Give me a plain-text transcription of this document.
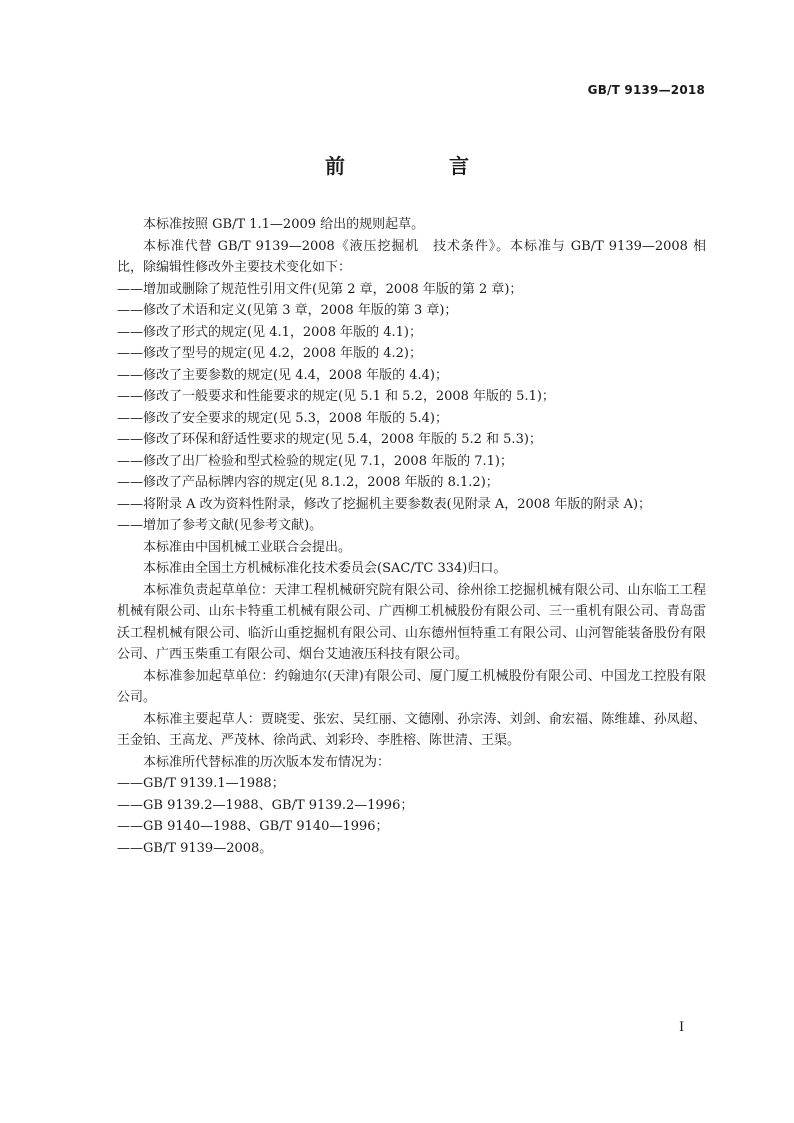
GB/T 9139—2018
前　言

本标准按照 GB/T 1.1—2009 给出的规则起草。

本标准代替 GB/T 9139—2008《液压挖掘机　技术条件》。本标准与 GB/T 9139—2008 相比，除编辑性修改外主要技术变化如下：

——增加或删除了规范性引用文件(见第 2 章，2008 年版的第 2 章)；

——修改了术语和定义(见第 3 章，2008 年版的第 3 章)；

——修改了形式的规定(见 4.1，2008 年版的 4.1)；

——修改了型号的规定(见 4.2，2008 年版的 4.2)；

——修改了主要参数的规定(见 4.4，2008 年版的 4.4)；

——修改了一般要求和性能要求的规定(见 5.1 和 5.2，2008 年版的 5.1)；

——修改了安全要求的规定(见 5.3，2008 年版的 5.4)；

——修改了环保和舒适性要求的规定(见 5.4，2008 年版的 5.2 和 5.3)；

——修改了出厂检验和型式检验的规定(见 7.1，2008 年版的 7.1)；

——修改了产品标牌内容的规定(见 8.1.2，2008 年版的 8.1.2)；

——将附录 A 改为资料性附录，修改了挖掘机主要参数表(见附录 A，2008 年版的附录 A)；

——增加了参考文献(见参考文献)。

本标准由中国机械工业联合会提出。

本标准由全国土方机械标准化技术委员会(SAC/TC 334)归口。

本标准负责起草单位：天津工程机械研究院有限公司、徐州徐工挖掘机械有限公司、山东临工工程机械有限公司、山东卡特重工机械有限公司、广西柳工机械股份有限公司、三一重机有限公司、青岛雷沃工程机械有限公司、临沂山重挖掘机有限公司、山东德州恒特重工有限公司、山河智能装备股份有限公司、广西玉柴重工有限公司、烟台艾迪液压科技有限公司。

本标准参加起草单位：约翰迪尔(天津)有限公司、厦门厦工机械股份有限公司、中国龙工控股有限公司。

本标准主要起草人：贾晓雯、张宏、吴红丽、文德刚、孙宗涛、刘剑、俞宏福、陈维雄、孙凤超、王金铂、王高龙、严茂林、徐尚武、刘彩玲、李胜榕、陈世清、王渠。

本标准所代替标准的历次版本发布情况为：

——GB/T 9139.1—1988；

——GB 9139.2—1988、GB/T 9139.2—1996；

——GB 9140—1988、GB/T 9140—1996；

——GB/T 9139—2008。

I
